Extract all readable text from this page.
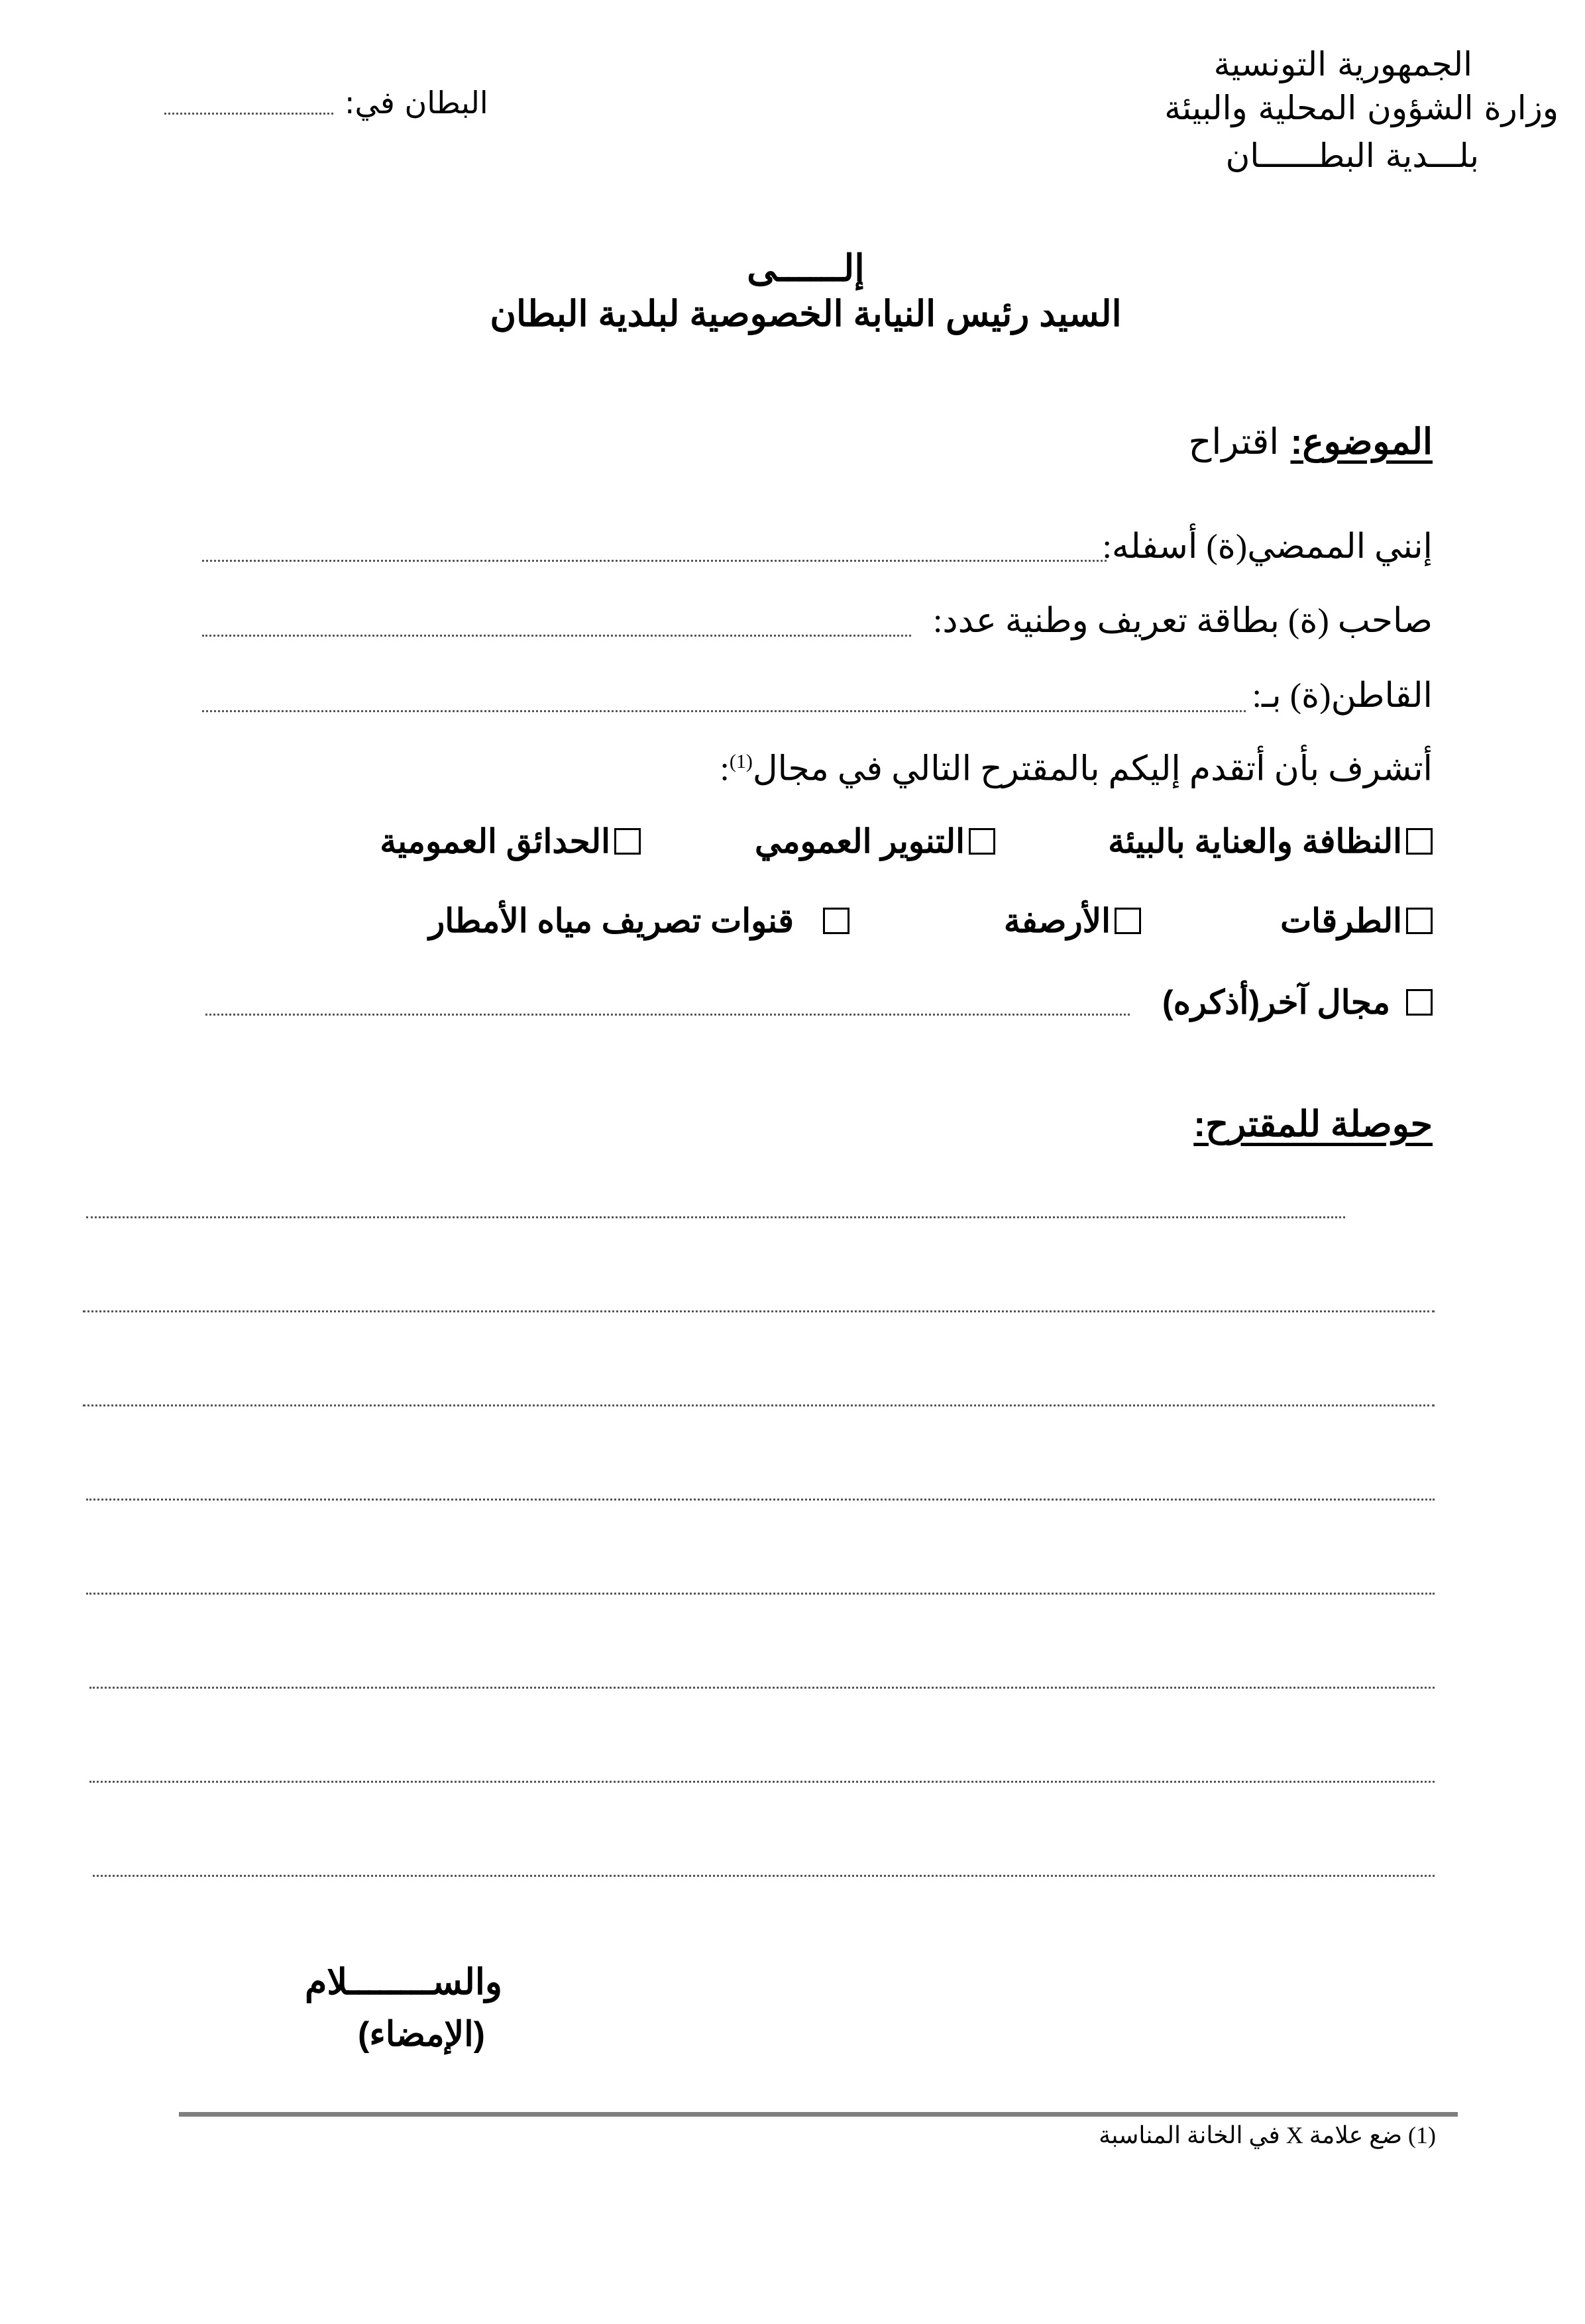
الجمهورية التونسية
وزارة الشؤون المحلية والبيئة
بلـــدية البطــــــان
البطان في:
إلــــــى
السيد رئيس النيابة الخصوصية لبلدية البطان
الموضوع: اقتراح
إنني الممضي(ة) أسفله:
صاحب (ة) بطاقة تعريف وطنية عدد:
القاطن(ة) بـ:
أتشرف بأن أتقدم إليكم بالمقترح التالي في مجال$^{(1)}$:
النظافة والعناية بالبيئة
التنوير العمومي
الحدائق العمومية
الطرقات
الأرصفة
قنوات تصريف مياه الأمطار
مجال آخر(أذكره)
حوصلة للمقترح:
والســــــــلام
(الإمضاء)
(1) ضع علامة X في الخانة المناسبة
